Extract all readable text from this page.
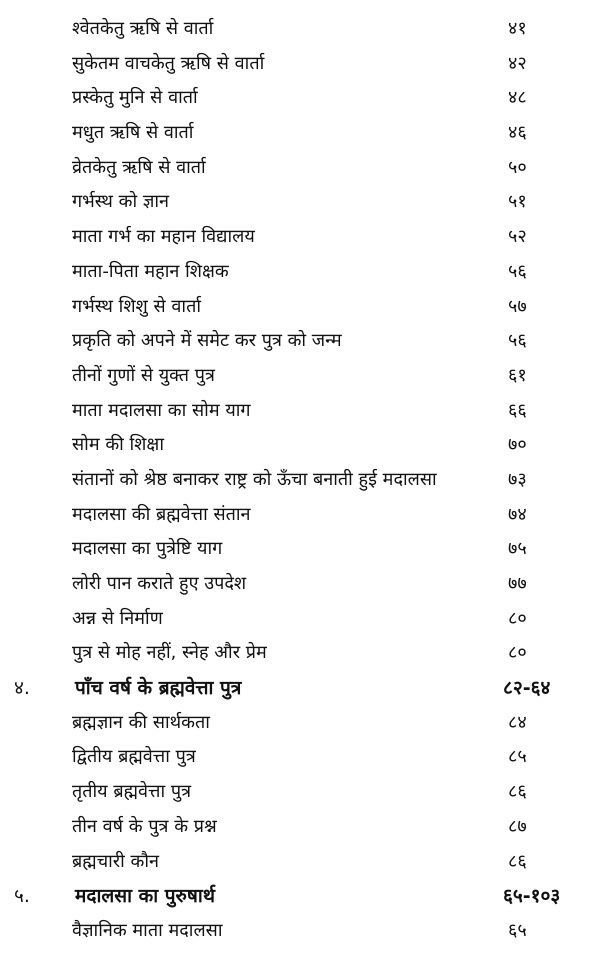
श्वेतकेतु ऋषि से वार्ता	४१
सुकेतम वाचकेतु ऋषि से वार्ता	४२
प्रस्केतु मुनि से वार्ता	४८
मधुत ऋषि से वार्ता	४६
व्रेतकेतु ऋषि से वार्ता	५०
गर्भस्थ को ज्ञान	५१
माता गर्भ का महान विद्यालय	५२
माता-पिता महान शिक्षक	५६
गर्भस्थ शिशु से वार्ता	५७
प्रकृति को अपने में समेट कर पुत्र को जन्म	५६
तीनों गुणों से युक्त पुत्र	६१
माता मदालसा का सोम याग	६६
सोम की शिक्षा	७०
संतानों को श्रेष्ठ बनाकर राष्ट्र को ऊँचा बनाती हुई मदालसा	७३
मदालसा की ब्रह्मवेत्ता संतान	७४
मदालसा का पुत्रेष्टि याग	७५
लोरी पान कराते हुए उपदेश	७७
अन्न से निर्माण	८०
पुत्र से मोह नहीं, स्नेह और प्रेम	८०
४. पाँच वर्ष के ब्रह्मवेत्ता पुत्र	८२-६४
ब्रह्मज्ञान की सार्थकता	८४
द्वितीय ब्रह्मवेत्ता पुत्र	८५
तृतीय ब्रह्मवेत्ता पुत्र	८६
तीन वर्ष के पुत्र के प्रश्न	८७
ब्रह्मचारी कौन	८६
५. मदालसा का पुरुषार्थ	६५-१०३
वैज्ञानिक माता मदालसा	६५
